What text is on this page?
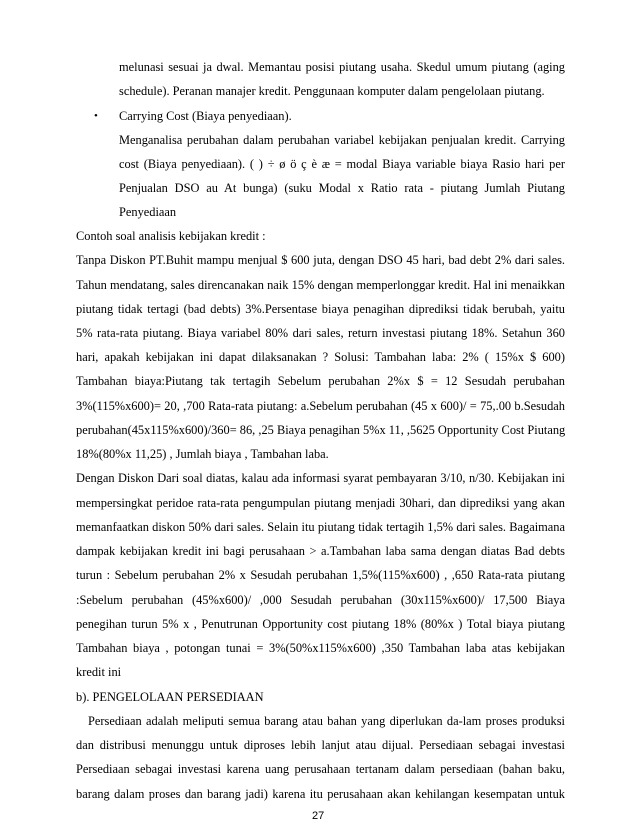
melunasi sesuai ja dwal. Memantau posisi piutang usaha. Skedul umum piutang (aging
schedule). Peranan manajer kredit. Penggunaan komputer dalam pengelolaan piutang.
• Carrying Cost (Biaya penyediaan).
Menganalisa perubahan dalam perubahan variabel kebijakan penjualan kredit. Carrying
cost (Biaya penyediaan). ( ) ÷ ø ö ç è æ = modal Biaya variable biaya Rasio hari per
Penjualan DSO au At bunga) (suku Modal x Ratio rata - piutang Jumlah Piutang
Penyediaan
Contoh soal analisis kebijakan kredit :
Tanpa Diskon PT.Buhit mampu menjual $ 600 juta, dengan DSO 45 hari, bad debt 2% dari sales.
Tahun mendatang, sales direncanakan naik 15% dengan memperlonggar kredit. Hal ini menaikkan
piutang tidak tertagi (bad debts) 3%.Persentase biaya penagihan diprediksi tidak berubah, yaitu
5% rata-rata piutang. Biaya variabel 80% dari sales, return investasi piutang 18%. Setahun 360
hari, apakah kebijakan ini dapat dilaksanakan ? Solusi: Tambahan laba: 2% ( 15%x $ 600)
Tambahan biaya:Piutang tak tertagih Sebelum perubahan 2%x $ = 12 Sesudah perubahan
3%(115%x600)= 20, ,700 Rata-rata piutang: a.Sebelum perubahan (45 x 600)/ = 75,.00 b.Sesudah
perubahan(45x115%x600)/360= 86, ,25 Biaya penagihan 5%x 11, ,5625 Opportunity Cost Piutang
18%(80%x 11,25) , Jumlah biaya , Tambahan laba.
Dengan Diskon Dari soal diatas, kalau ada informasi syarat pembayaran 3/10, n/30. Kebijakan ini
mempersingkat peridoe rata-rata pengumpulan piutang menjadi 30hari, dan diprediksi yang akan
memanfaatkan diskon 50% dari sales. Selain itu piutang tidak tertagih 1,5% dari sales. Bagaimana
dampak kebijakan kredit ini bagi perusahaan > a.Tambahan laba sama dengan diatas Bad debts
turun : Sebelum perubahan 2% x Sesudah perubahan 1,5%(115%x600) , ,650 Rata-rata piutang
:Sebelum perubahan (45%x600)/ ,000 Sesudah perubahan (30x115%x600)/ 17,500 Biaya
penegihan turun 5% x , Penutrunan Opportunity cost piutang 18% (80%x ) Total biaya piutang
Tambahan biaya , potongan tunai = 3%(50%x115%x600) ,350 Tambahan laba atas kebijakan
kredit ini
b). PENGELOLAAN PERSEDIAAN
Persediaan adalah meliputi semua barang atau bahan yang diperlukan da-lam proses produksi
dan distribusi menunggu untuk diproses lebih lanjut atau dijual. Persediaan sebagai investasi
Persediaan sebagai investasi karena uang perusahaan tertanam dalam persediaan (bahan baku,
barang dalam proses dan barang jadi) karena itu perusahaan akan kehilangan kesempatan untuk
27
